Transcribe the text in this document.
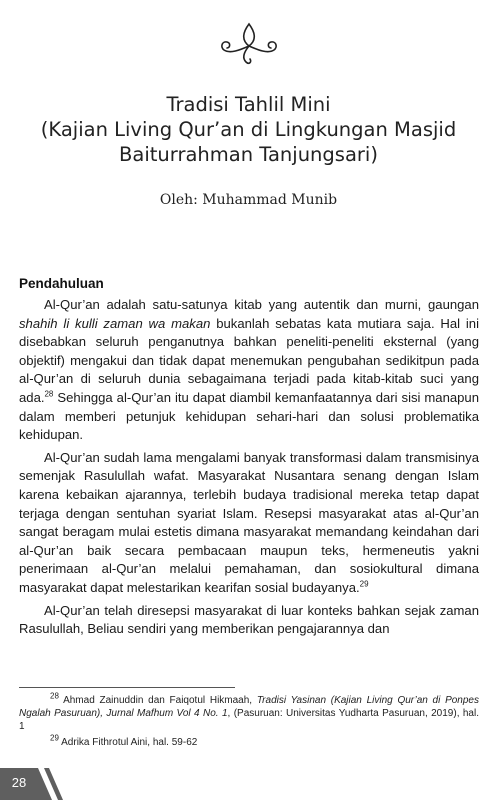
Tradisi Tahlil Mini
(Kajian Living Qur’an di Lingkungan Masjid
Baiturrahman Tanjungsari)
Oleh: Muhammad Munib
Pendahuluan

Al-Qur’an adalah satu-satunya kitab yang autentik dan murni, gaungan shahih li kulli zaman wa makan bukanlah sebatas kata mutiara saja. Hal ini disebabkan seluruh penganutnya bahkan peneliti-peneliti eksternal (yang objektif) mengakui dan tidak dapat menemukan pengubahan sedikitpun pada al-Qur’an di seluruh dunia sebagaimana terjadi pada kitab-kitab suci yang ada.$^{28}$ Sehingga al-Qur’an itu dapat diambil kemanfaatannya dari sisi manapun dalam memberi petunjuk kehidupan sehari-hari dan solusi problematika kehidupan.

Al-Qur’an sudah lama mengalami banyak transformasi dalam transmisinya semenjak Rasulullah wafat. Masyarakat Nusantara senang dengan Islam karena kebaikan ajarannya, terlebih budaya tradisional mereka tetap dapat terjaga dengan sentuhan syariat Islam. Resepsi masyarakat atas al-Qur’an sangat beragam mulai estetis dimana masyarakat memandang keindahan dari al-Qur’an baik secara pembacaan maupun teks, hermeneutis yakni penerimaan al-Qur’an melalui pemahaman, dan sosiokultural dimana masyarakat dapat melestarikan kearifan sosial budayanya.$^{29}$

Al-Qur’an telah diresepsi masyarakat di luar konteks bahkan sejak zaman Rasulullah, Beliau sendiri yang memberikan pengajarannya dan

$^{28}$ Ahmad Zainuddin dan Faiqotul Hikmaah, Tradisi Yasinan (Kajian Living Qur’an di Ponpes Ngalah Pasuruan), Jurnal Mafhum Vol 4 No. 1, (Pasuruan: Universitas Yudharta Pasuruan, 2019), hal. 1
$^{29}$ Adrika Fithrotul Aini, hal. 59-62
28
